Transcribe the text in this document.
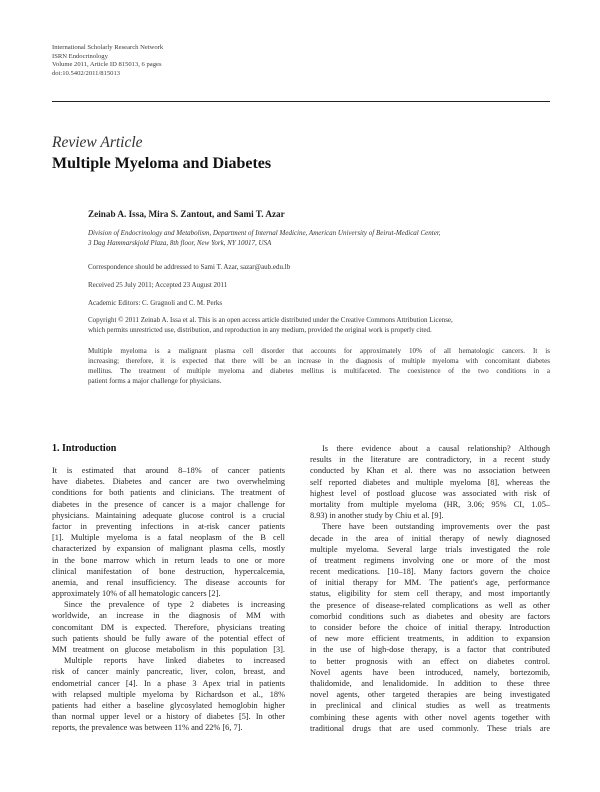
International Scholarly Research Network
ISRN Endocrinology
Volume 2011, Article ID 815013, 6 pages
doi:10.5402/2011/815013
Review Article
Multiple Myeloma and Diabetes
Zeinab A. Issa, Mira S. Zantout, and Sami T. Azar
Division of Endocrinology and Metabolism, Department of Internal Medicine, American University of Beirut-Medical Center,
3 Dag Hammarskjold Plaza, 8th floor, New York, NY 10017, USA
Correspondence should be addressed to Sami T. Azar, sazar@aub.edu.lb
Received 25 July 2011; Accepted 23 August 2011
Academic Editors: C. Gragnoli and C. M. Perks
Copyright © 2011 Zeinab A. Issa et al. This is an open access article distributed under the Creative Commons Attribution License,
which permits unrestricted use, distribution, and reproduction in any medium, provided the original work is properly cited.
Multiple myeloma is a malignant plasma cell disorder that accounts for approximately 10% of all hematologic cancers. It is
increasing; therefore, it is expected that there will be an increase in the diagnosis of multiple myeloma with concomitant diabetes
mellitus. The treatment of multiple myeloma and diabetes mellitus is multifaceted. The coexistence of the two conditions in a
patient forms a major challenge for physicians.
1. Introduction
It is estimated that around 8–18% of cancer patients
have diabetes. Diabetes and cancer are two overwhelming
conditions for both patients and clinicians. The treatment of
diabetes in the presence of cancer is a major challenge for
physicians. Maintaining adequate glucose control is a crucial
factor in preventing infections in at-risk cancer patients
[1]. Multiple myeloma is a fatal neoplasm of the B cell
characterized by expansion of malignant plasma cells, mostly
in the bone marrow which in return leads to one or more
clinical manifestation of bone destruction, hypercalcemia,
anemia, and renal insufficiency. The disease accounts for
approximately 10% of all hematologic cancers [2].
Since the prevalence of type 2 diabetes is increasing
worldwide, an increase in the diagnosis of MM with
concomitant DM is expected. Therefore, physicians treating
such patients should be fully aware of the potential effect of
MM treatment on glucose metabolism in this population [3].
Multiple reports have linked diabetes to increased
risk of cancer mainly pancreatic, liver, colon, breast, and
endometrial cancer [4]. In a phase 3 Apex trial in patients
with relapsed multiple myeloma by Richardson et al., 18%
patients had either a baseline glycosylated hemoglobin higher
than normal upper level or a history of diabetes [5]. In other
reports, the prevalence was between 11% and 22% [6, 7].
Is there evidence about a causal relationship? Although
results in the literature are contradictory, in a recent study
conducted by Khan et al. there was no association between
self reported diabetes and multiple myeloma [8], whereas the
highest level of postload glucose was associated with risk of
mortality from multiple myeloma (HR, 3.06; 95% CI, 1.05–
8.93) in another study by Chiu et al. [9].
There have been outstanding improvements over the past
decade in the area of initial therapy of newly diagnosed
multiple myeloma. Several large trials investigated the role
of treatment regimens involving one or more of the most
recent medications. [10–18]. Many factors govern the choice
of initial therapy for MM. The patient's age, performance
status, eligibility for stem cell therapy, and most importantly
the presence of disease-related complications as well as other
comorbid conditions such as diabetes and obesity are factors
to consider before the choice of initial therapy. Introduction
of new more efficient treatments, in addition to expansion
in the use of high-dose therapy, is a factor that contributed
to better prognosis with an effect on diabetes control.
Novel agents have been introduced, namely, bortezomib,
thalidomide, and lenalidomide. In addition to these three
novel agents, other targeted therapies are being investigated
in preclinical and clinical studies as well as treatments
combining these agents with other novel agents together with
traditional drugs that are used commonly. These trials are
